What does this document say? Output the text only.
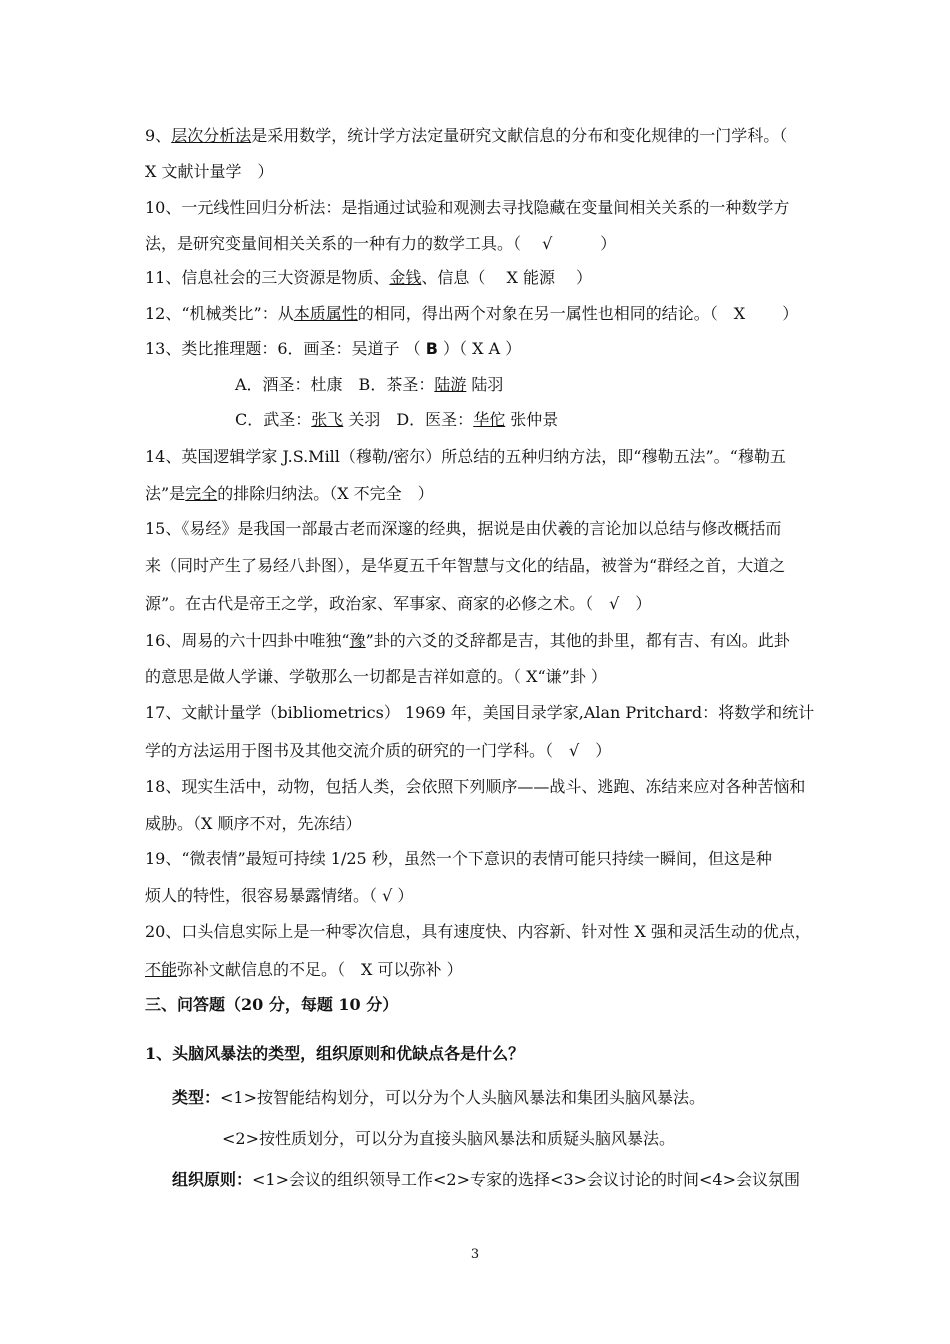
9、层次分析法是采用数学，统计学方法定量研究文献信息的分布和变化规律的一门学科。（
X 文献计量学　）
10、一元线性回归分析法：是指通过试验和观测去寻找隐藏在变量间相关关系的一种数学方
法，是研究变量间相关关系的一种有力的数学工具。（　 √　　　）
11、信息社会的三大资源是物质、金钱、信息（　 X 能源　 ）
12、“机械类比”：从本质属性的相同，得出两个对象在另一属性也相同的结论。（　X　　 ）
13、类比推理题：6．画圣：吴道子 （ B ）（ X A ）
A．酒圣：杜康　B．茶圣：陆游 陆羽
C．武圣：张飞 关羽　D．医圣：华佗 张仲景
14、英国逻辑学家 J.S.Mill（穆勒/密尔）所总结的五种归纳方法，即“穆勒五法”。“穆勒五
法”是完全的排除归纳法。（X 不完全　）
15、《易经》是我国一部最古老而深邃的经典，据说是由伏羲的言论加以总结与修改概括而
来（同时产生了易经八卦图），是华夏五千年智慧与文化的结晶，被誉为“群经之首，大道之
源”。在古代是帝王之学，政治家、军事家、商家的必修之术。（　√　）
16、周易的六十四卦中唯独“豫”卦的六爻的爻辞都是吉，其他的卦里，都有吉、有凶。此卦
的意思是做人学谦、学敬那么一切都是吉祥如意的。（ X“谦”卦 ）
17、文献计量学（bibliometrics） 1969 年，美国目录学家,Alan Pritchard：将数学和统计
学的方法运用于图书及其他交流介质的研究的一门学科。（　√　）
18、现实生活中，动物，包括人类，会依照下列顺序——战斗、逃跑、冻结来应对各种苦恼和
威胁。（X 顺序不对，先冻结）
19、“微表情”最短可持续 1/25 秒，虽然一个下意识的表情可能只持续一瞬间，但这是种
烦人的特性，很容易暴露情绪。（ √ ）
20、口头信息实际上是一种零次信息，具有速度快、内容新、针对性 X 强和灵活生动的优点，
不能弥补文献信息的不足。（　X 可以弥补 ）
三、问答题（20 分，每题 10 分）
1、头脑风暴法的类型，组织原则和优缺点各是什么？
类型：<1>按智能结构划分，可以分为个人头脑风暴法和集团头脑风暴法。
<2>按性质划分，可以分为直接头脑风暴法和质疑头脑风暴法。
组织原则：<1>会议的组织领导工作<2>专家的选择<3>会议讨论的时间<4>会议氛围
3
